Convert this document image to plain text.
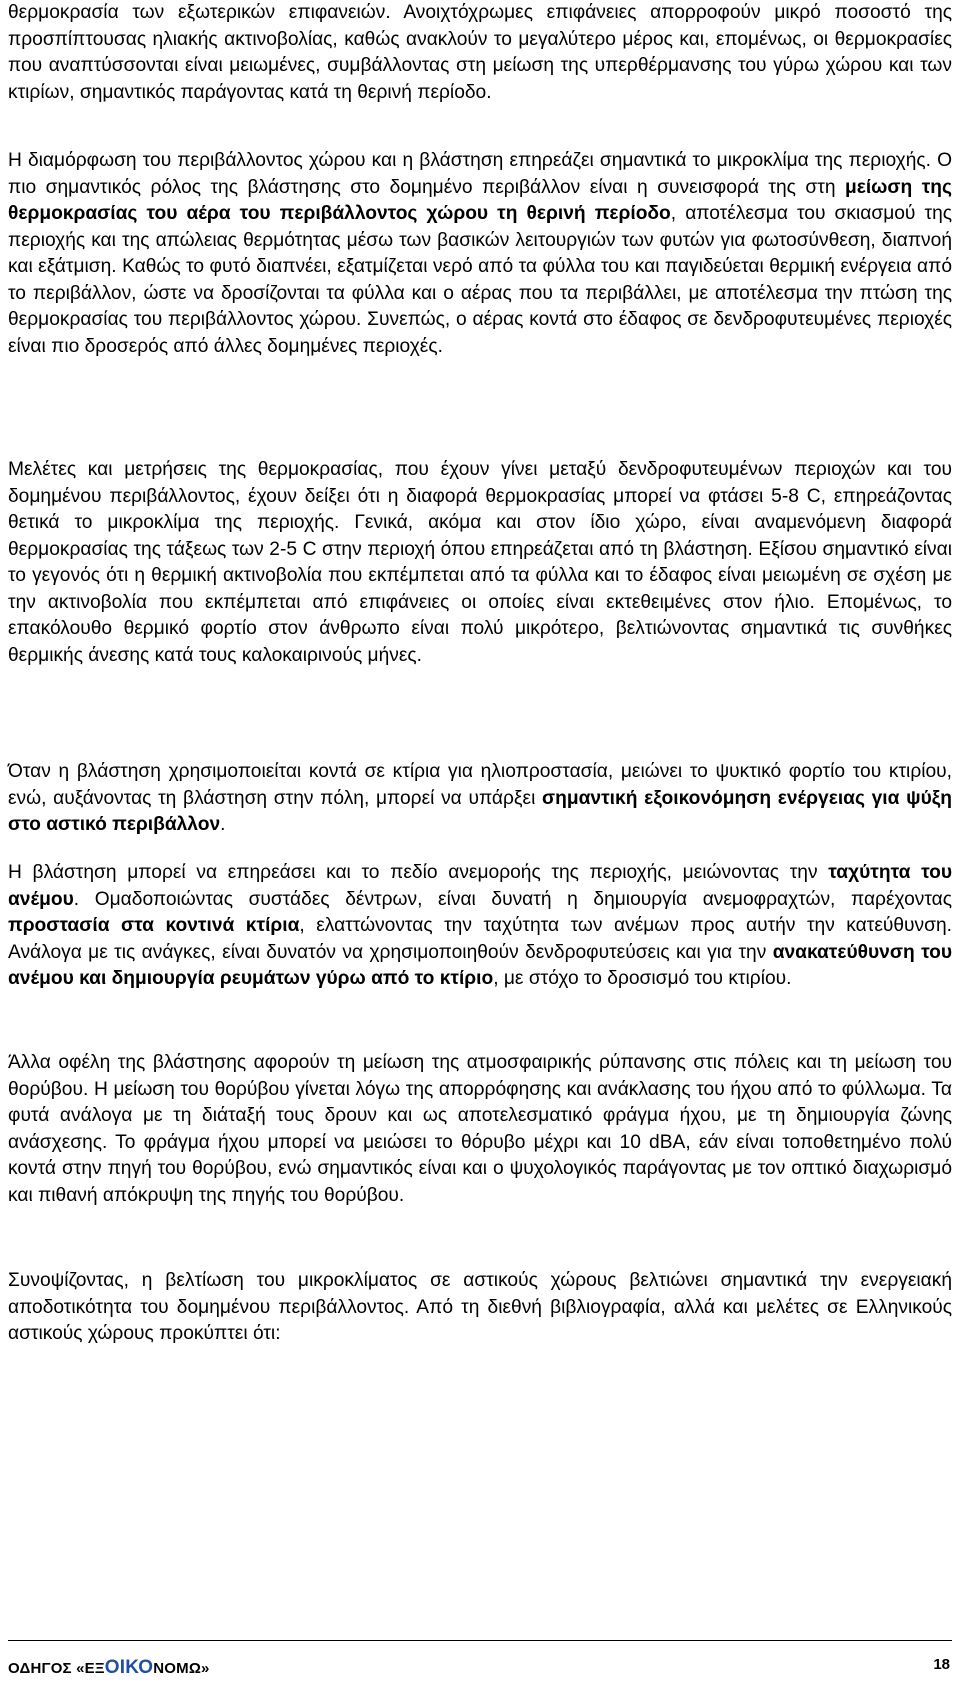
θερμοκρασία των εξωτερικών επιφανειών. Ανοιχτόχρωμες επιφάνειες απορροφούν μικρό ποσοστό της προσπίπτουσας ηλιακής ακτινοβολίας, καθώς ανακλούν το μεγαλύτερο μέρος και, επομένως, οι θερμοκρασίες που αναπτύσσονται είναι μειωμένες, συμβάλλοντας στη μείωση της υπερθέρμανσης του γύρω χώρου και των κτιρίων, σημαντικός παράγοντας κατά τη θερινή περίοδο.

Η διαμόρφωση του περιβάλλοντος χώρου και η βλάστηση επηρεάζει σημαντικά το μικροκλίμα της περιοχής. Ο πιο σημαντικός ρόλος της βλάστησης στο δομημένο περιβάλλον είναι η συνεισφορά της στη μείωση της θερμοκρασίας του αέρα του περιβάλλοντος χώρου τη θερινή περίοδο, αποτέλεσμα του σκιασμού της περιοχής και της απώλειας θερμότητας μέσω των βασικών λειτουργιών των φυτών για φωτοσύνθεση, διαπνοή και εξάτμιση. Καθώς το φυτό διαπνέει, εξατμίζεται νερό από τα φύλλα του και παγιδεύεται θερμική ενέργεια από το περιβάλλον, ώστε να δροσίζονται τα φύλλα και ο αέρας που τα περιβάλλει, με αποτέλεσμα την πτώση της θερμοκρασίας του περιβάλλοντος χώρου. Συνεπώς, ο αέρας κοντά στο έδαφος σε δενδροφυτευμένες περιοχές είναι πιο δροσερός από άλλες δομημένες περιοχές.

Μελέτες και μετρήσεις της θερμοκρασίας, που έχουν γίνει μεταξύ δενδροφυτευμένων περιοχών και του δομημένου περιβάλλοντος, έχουν δείξει ότι η διαφορά θερμοκρασίας μπορεί να φτάσει 5-8 C, επηρεάζοντας θετικά το μικροκλίμα της περιοχής. Γενικά, ακόμα και στον ίδιο χώρο, είναι αναμενόμενη διαφορά θερμοκρασίας της τάξεως των 2-5 C στην περιοχή όπου επηρεάζεται από τη βλάστηση. Εξίσου σημαντικό είναι το γεγονός ότι η θερμική ακτινοβολία που εκπέμπεται από τα φύλλα και το έδαφος είναι μειωμένη σε σχέση με την ακτινοβολία που εκπέμπεται από επιφάνειες οι οποίες είναι εκτεθειμένες στον ήλιο. Επομένως, το επακόλουθο θερμικό φορτίο στον άνθρωπο είναι πολύ μικρότερο, βελτιώνοντας σημαντικά τις συνθήκες θερμικής άνεσης κατά τους καλοκαιρινούς μήνες.

Όταν η βλάστηση χρησιμοποιείται κοντά σε κτίρια για ηλιοπροστασία, μειώνει το ψυκτικό φορτίο του κτιρίου, ενώ, αυξάνοντας τη βλάστηση στην πόλη, μπορεί να υπάρξει σημαντική εξοικονόμηση ενέργειας για ψύξη στο αστικό περιβάλλον.

Η βλάστηση μπορεί να επηρεάσει και το πεδίο ανεμορoής της περιοχής, μειώνοντας την ταχύτητα του ανέμου. Ομαδοποιώντας συστάδες δέντρων, είναι δυνατή η δημιουργία ανεμοφραχτών, παρέχοντας προστασία στα κοντινά κτίρια, ελαττώνοντας την ταχύτητα των ανέμων προς αυτήν την κατεύθυνση. Ανάλογα με τις ανάγκες, είναι δυνατόν να χρησιμοποιηθούν δενδροφυτεύσεις και για την ανακατεύθυνση του ανέμου και δημιουργία ρευμάτων γύρω από το κτίριο, με στόχο το δροσισμό του κτιρίου.

Άλλα οφέλη της βλάστησης αφορούν τη μείωση της ατμοσφαιρικής ρύπανσης στις πόλεις και τη μείωση του θορύβου. Η μείωση του θορύβου γίνεται λόγω της απορρόφησης και ανάκλασης του ήχου από το φύλλωμα. Τα φυτά ανάλογα με τη διάταξή τους δρουν και ως αποτελεσματικό φράγμα ήχου, με τη δημιουργία ζώνης ανάσχεσης. Το φράγμα ήχου μπορεί να μειώσει το θόρυβο μέχρι και 10 dBA, εάν είναι τοποθετημένο πολύ κοντά στην πηγή του θορύβου, ενώ σημαντικός είναι και ο ψυχολογικός παράγοντας με τον οπτικό διαχωρισμό και πιθανή απόκρυψη της πηγής του θορύβου.

Συνοψίζοντας, η βελτίωση του μικροκλίματος σε αστικούς χώρους βελτιώνει σημαντικά την ενεργειακή αποδοτικότητα του δομημένου περιβάλλοντος. Από τη διεθνή βιβλιογραφία, αλλά και μελέτες σε Ελληνικούς αστικούς χώρους προκύπτει ότι:

ΟΔΗΓΟΣ «ΕΞΟΙΚΟΝΟΜΩ»	18
